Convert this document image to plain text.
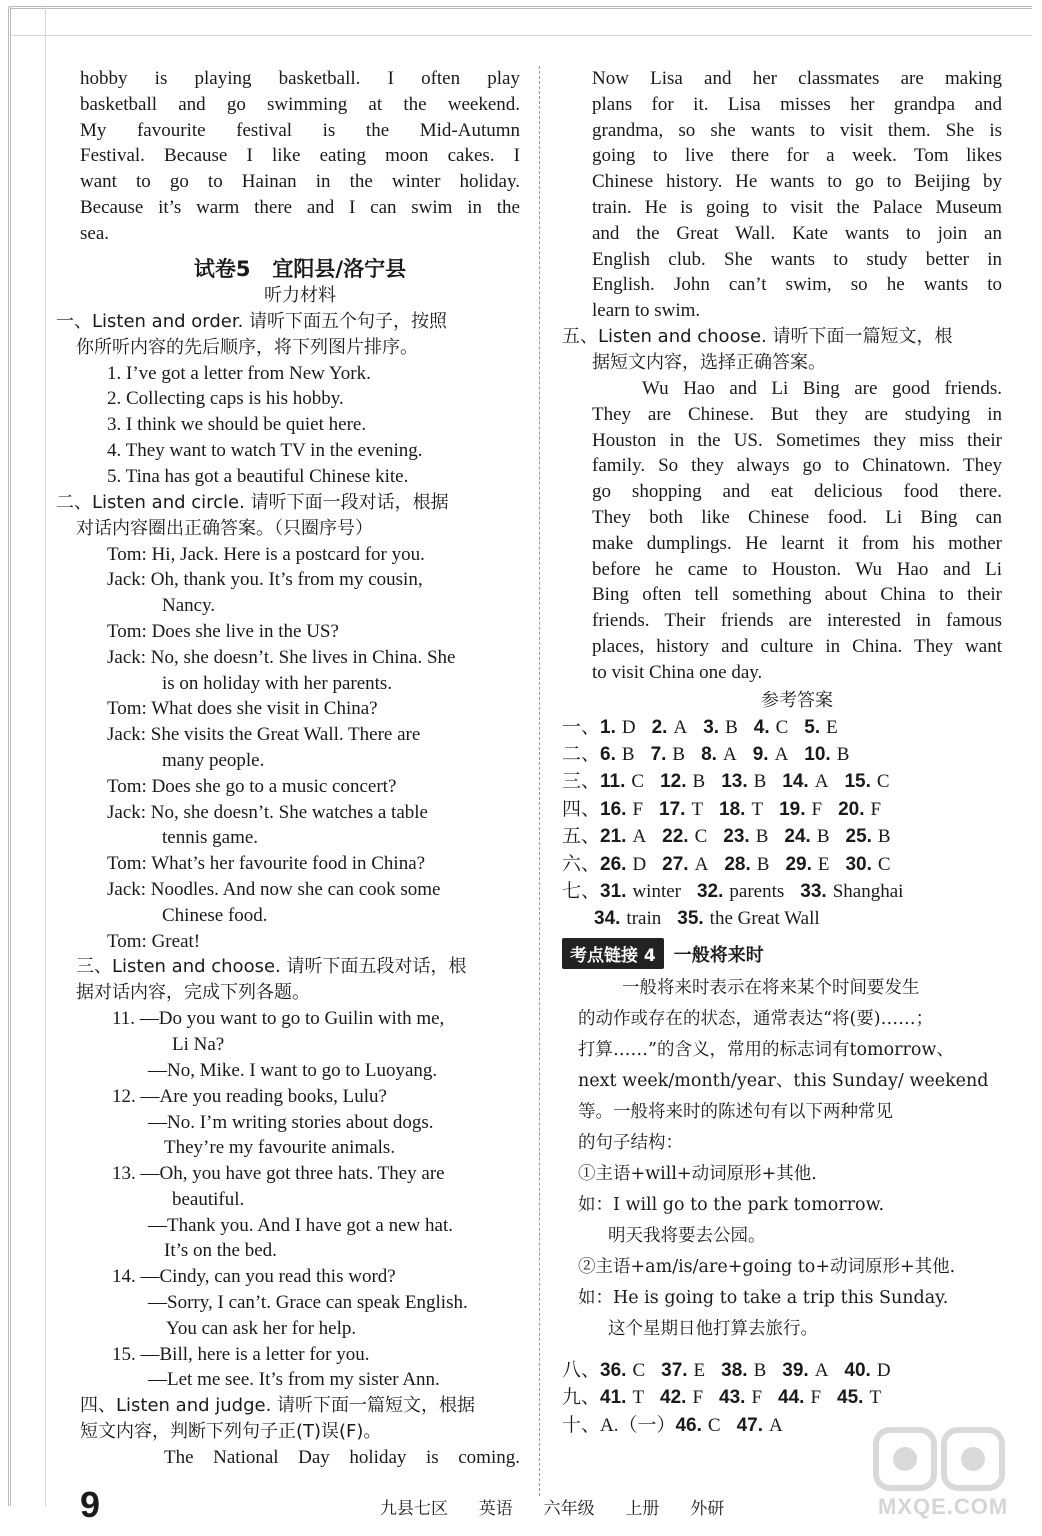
hobby is playing basketball. I often play
basketball and go swimming at the weekend.
My favourite festival is the Mid-Autumn
Festival. Because I like eating moon cakes. I
want to go to Hainan in the winter holiday.
Because it’s warm there and I can swim in the
sea.
试卷5   宜阳县/洛宁县
听力材料
一、Listen and order. 请听下面五个句子，按照
你所听内容的先后顺序，将下列图片排序。
1. I’ve got a letter from New York.
2. Collecting caps is his hobby.
3. I think we should be quiet here.
4. They want to watch TV in the evening.
5. Tina has got a beautiful Chinese kite.
二、Listen and circle. 请听下面一段对话，根据
对话内容圈出正确答案。（只圈序号）
Tom: Hi, Jack. Here is a postcard for you.
Jack: Oh, thank you. It’s from my cousin,
Nancy.
Tom: Does she live in the US?
Jack: No, she doesn’t. She lives in China. She
is on holiday with her parents.
Tom: What does she visit in China?
Jack: She visits the Great Wall. There are
many people.
Tom: Does she go to a music concert?
Jack: No, she doesn’t. She watches a table
tennis game.
Tom: What’s her favourite food in China?
Jack: Noodles. And now she can cook some
Chinese food.
Tom: Great!
三、Listen and choose. 请听下面五段对话，根
据对话内容，完成下列各题。
11. —Do you want to go to Guilin with me,
Li Na?
—No, Mike. I want to go to Luoyang.
12. —Are you reading books, Lulu?
—No. I’m writing stories about dogs.
They’re my favourite animals.
13. —Oh, you have got three hats. They are
beautiful.
—Thank you. And I have got a new hat.
It’s on the bed.
14. —Cindy, can you read this word?
—Sorry, I can’t. Grace can speak English.
You can ask her for help.
15. —Bill, here is a letter for you.
—Let me see. It’s from my sister Ann.
四、Listen and judge. 请听下面一篇短文，根据
短文内容，判断下列句子正(T)误(F)。
The National Day holiday is coming.
Now Lisa and her classmates are making
plans for it. Lisa misses her grandpa and
grandma, so she wants to visit them. She is
going to live there for a week. Tom likes
Chinese history. He wants to go to Beijing by
train. He is going to visit the Palace Museum
and the Great Wall. Kate wants to join an
English club. She wants to study better in
English. John can’t swim, so he wants to
learn to swim.
五、Listen and choose. 请听下面一篇短文，根
据短文内容，选择正确答案。
Wu Hao and Li Bing are good friends.
They are Chinese. But they are studying in
Houston in the US. Sometimes they miss their
family. So they always go to Chinatown. They
go shopping and eat delicious food there.
They both like Chinese food. Li Bing can
make dumplings. He learnt it from his mother
before he came to Houston. Wu Hao and Li
Bing often tell something about China to their
friends. Their friends are interested in famous
places, history and culture in China. They want
to visit China one day.
参考答案
一、1. D 2. A 3. B 4. C 5. E
二、6. B 7. B 8. A 9. A 10. B
三、11. C 12. B 13. B 14. A 15. C
四、16. F 17. T 18. T 19. F 20. F
五、21. A 22. C 23. B 24. B 25. B
六、26. D 27. A 28. B 29. E 30. C
七、31. winter 32. parents 33. Shanghai
34. train 35. the Great Wall
考点链接 4	一般将来时
一般将来时表示在将来某个时间要发生
的动作或存在的状态，通常表达“将(要)……；
打算……”的含义，常用的标志词有tomorrow、
next week/month/year、this Sunday/ weekend
等。一般将来时的陈述句有以下两种常见
的句子结构：
①主语+will+动词原形+其他.
如：I will go to the park tomorrow.
明天我将要去公园。
②主语+am/is/are+going to+动词原形+其他.
如：He is going to take a trip this Sunday.
这个星期日他打算去旅行。
八、36. C 37. E 38. B 39. A 40. D
九、41. T 42. F 43. F 44. F 45. T
十、A.（一）46. C 47. A
9	九县七区  英语  六年级  上册  外研	MXQE.COM
